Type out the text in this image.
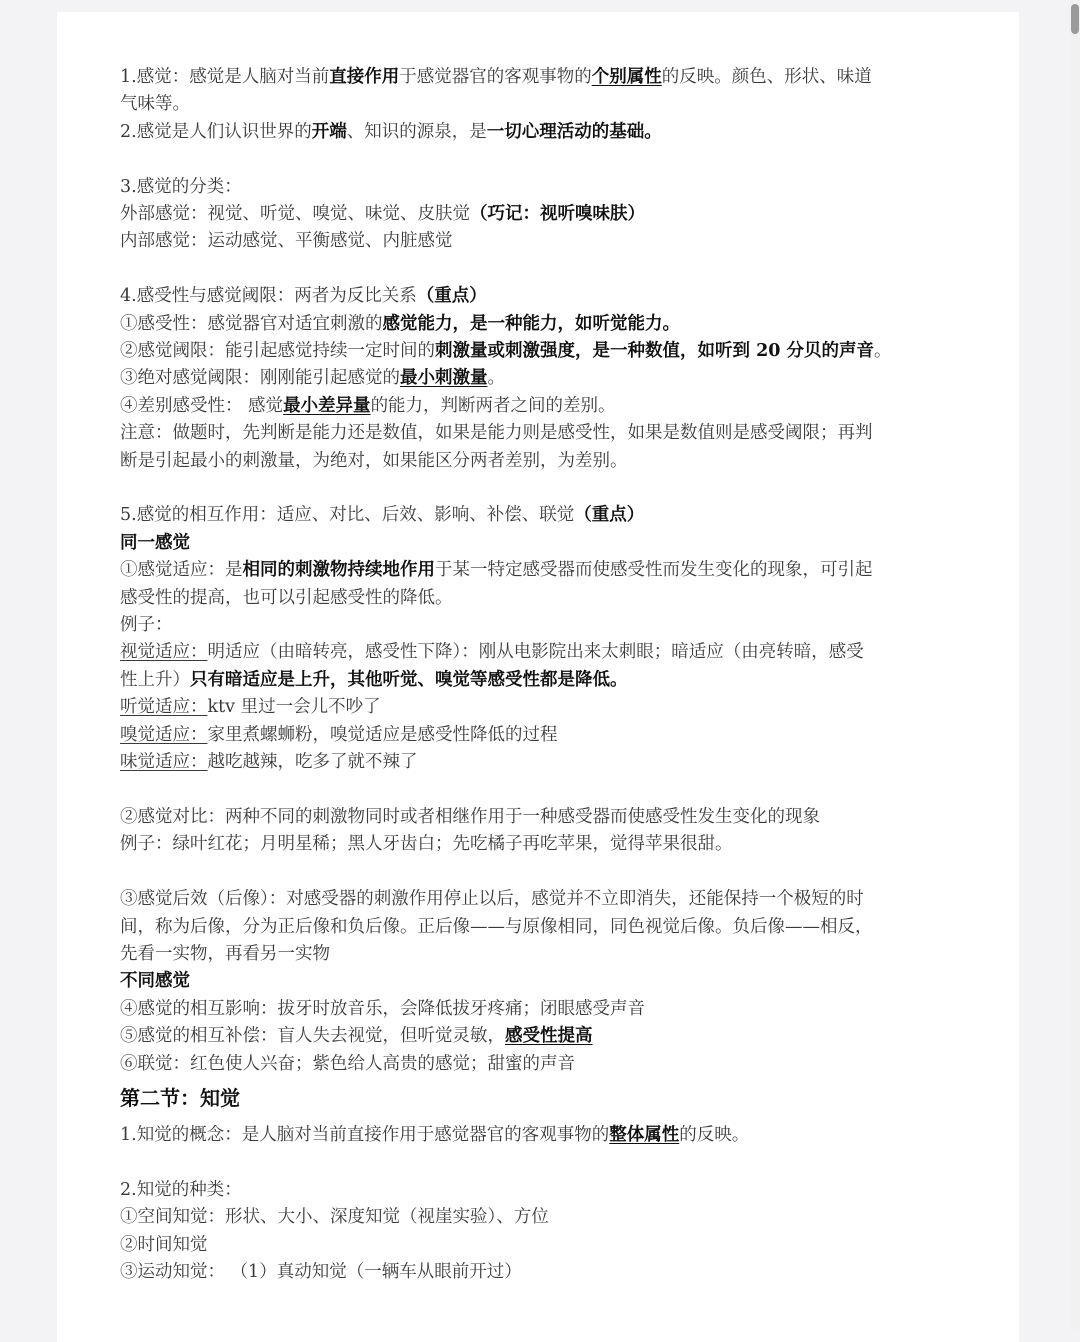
1.感觉：感觉是人脑对当前直接作用于感觉器官的客观事物的个别属性的反映。颜色、形状、味道
气味等。
2.感觉是人们认识世界的开端、知识的源泉，是一切心理活动的基础。
3.感觉的分类：
外部感觉：视觉、听觉、嗅觉、味觉、皮肤觉（巧记：视听嗅味肤）
内部感觉：运动感觉、平衡感觉、内脏感觉
4.感受性与感觉阈限：两者为反比关系（重点）
①感受性：感觉器官对适宜刺激的感觉能力，是一种能力，如听觉能力。
②感觉阈限：能引起感觉持续一定时间的刺激量或刺激强度，是一种数值，如听到 20 分贝的声音。
③绝对感觉阈限：刚刚能引起感觉的最小刺激量。
④差别感受性： 感觉最小差异量的能力，判断两者之间的差别。
注意：做题时，先判断是能力还是数值，如果是能力则是感受性，如果是数值则是感受阈限；再判
断是引起最小的刺激量，为绝对，如果能区分两者差别，为差别。
5.感觉的相互作用：适应、对比、后效、影响、补偿、联觉（重点）
同一感觉
①感觉适应：是相同的刺激物持续地作用于某一特定感受器而使感受性而发生变化的现象，可引起
感受性的提高，也可以引起感受性的降低。
例子：
视觉适应：明适应（由暗转亮，感受性下降）：刚从电影院出来太刺眼；暗适应（由亮转暗，感受
性上升）只有暗适应是上升，其他听觉、嗅觉等感受性都是降低。
听觉适应：ktv 里过一会儿不吵了
嗅觉适应：家里煮螺蛳粉，嗅觉适应是感受性降低的过程
味觉适应：越吃越辣，吃多了就不辣了
②感觉对比：两种不同的刺激物同时或者相继作用于一种感受器而使感受性发生变化的现象
例子：绿叶红花；月明星稀；黑人牙齿白；先吃橘子再吃苹果，觉得苹果很甜。
③感觉后效（后像）：对感受器的刺激作用停止以后，感觉并不立即消失，还能保持一个极短的时
间，称为后像，分为正后像和负后像。正后像——与原像相同，同色视觉后像。负后像——相反，
先看一实物，再看另一实物
不同感觉
④感觉的相互影响：拔牙时放音乐，会降低拔牙疼痛；闭眼感受声音
⑤感觉的相互补偿：盲人失去视觉，但听觉灵敏，感受性提高
⑥联觉：红色使人兴奋；紫色给人高贵的感觉；甜蜜的声音
第二节：知觉
1.知觉的概念：是人脑对当前直接作用于感觉器官的客观事物的整体属性的反映。
2.知觉的种类：
①空间知觉：形状、大小、深度知觉（视崖实验）、方位
②时间知觉
③运动知觉： （1）真动知觉（一辆车从眼前开过）
